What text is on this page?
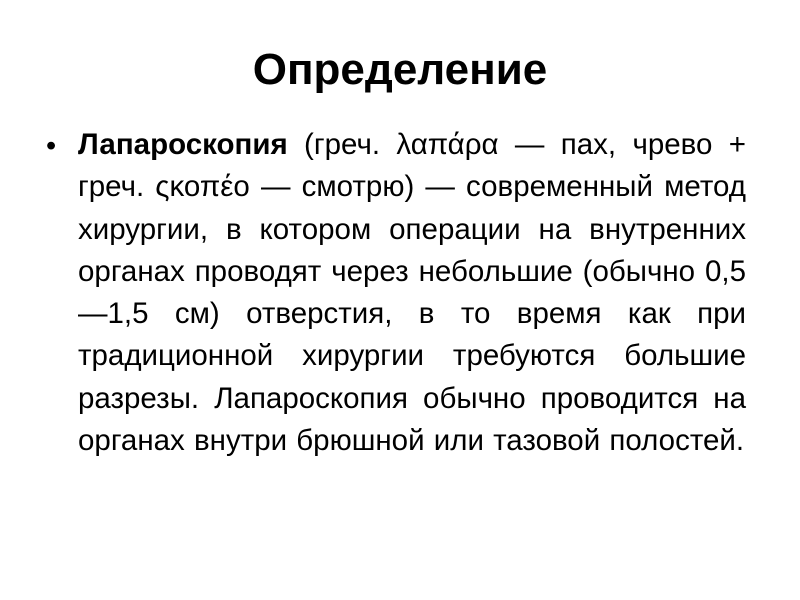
Определение
• Лапароскопия (греч. λαπάρα — пах, чрево + греч. ςκοπέο — смотрю) — современный метод хирургии, в котором операции на внутренних органах проводят через небольшие (обычно 0,5—1,5 см) отверстия, в то время как при традиционной хирургии требуются большие разрезы. Лапароскопия обычно проводится на органах внутри брюшной или тазовой полостей.
